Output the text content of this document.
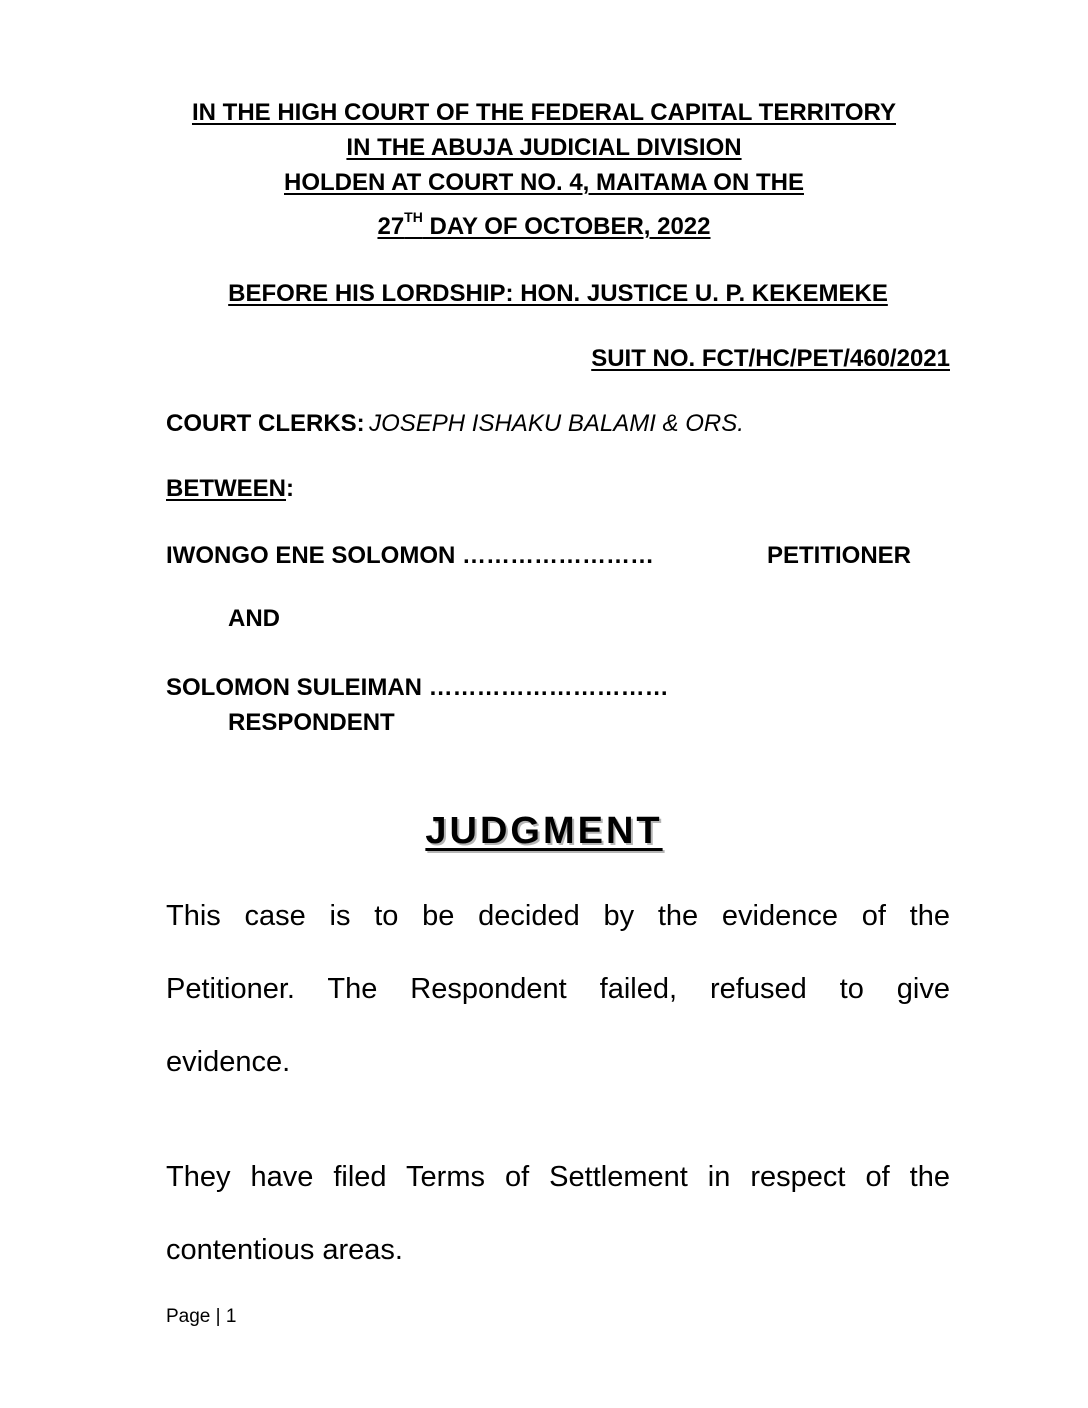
IN THE HIGH COURT OF THE FEDERAL CAPITAL TERRITORY
IN THE ABUJA JUDICIAL DIVISION
HOLDEN AT COURT NO. 4, MAITAMA ON THE
27TH DAY OF OCTOBER, 2022
BEFORE HIS LORDSHIP: HON. JUSTICE U. P. KEKEMEKE
SUIT NO. FCT/HC/PET/460/2021
COURT CLERKS: JOSEPH ISHAKU BALAMI & ORS.
BETWEEN:
IWONGO ENE SOLOMON ……………………	PETITIONER
AND
SOLOMON SULEIMAN …………………………
RESPONDENT
JUDGMENT
This case is to be decided by the evidence of the
Petitioner. The Respondent failed, refused to give
evidence.
They have filed Terms of Settlement in respect of the
contentious areas.
Page | 1
